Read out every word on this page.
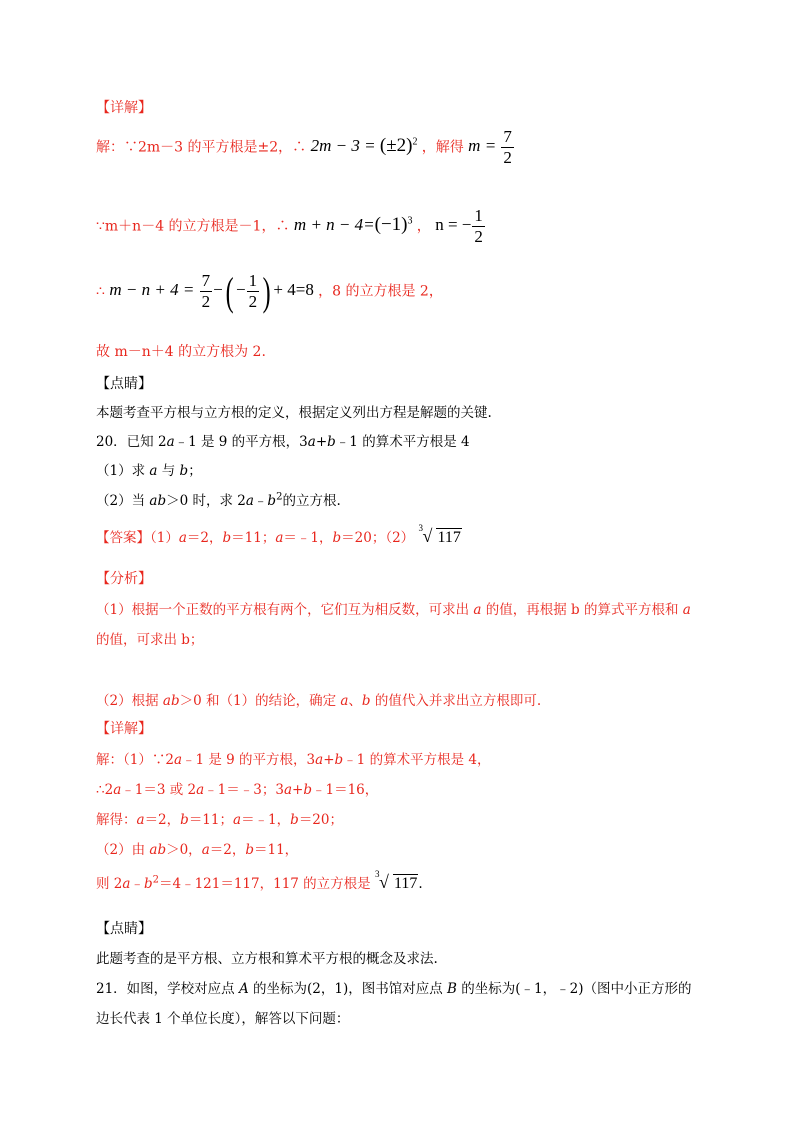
【详解】
解：∵2m－3 的平方根是±2，∴ $2m - 3 = (\pm 2)^2$ ，解得 $m = \frac{7}{2}$
∵m＋n－4 的立方根是－1，∴ $m + n - 4=(-1)^3$ ， n = − $\frac{1}{2}$
∴ $m - n + 4 = \frac{7}{2}$ −( − $\frac{1}{2}$ ) + 4=8 ，8 的立方根是 2，
故 m－n＋4 的立方根为 2.
【点睛】
本题考查平方根与立方根的定义，根据定义列出方程是解题的关键.
20．已知 2a﹣1 是 9 的平方根，3a+b﹣1 的算术平方根是 4
（1）求 a 与 b；
（2）当 ab＞0 时，求 $2a﹣b^2$的立方根.
【答案】（1）a＝2，b＝11；a＝﹣1，b＝20；（2）
3 √ 117
【分析】
（1）根据一个正数的平方根有两个，它们互为相反数，可求出 a 的值，再根据 b 的算式平方根和 a
的值，可求出 b；
（2）根据 ab＞0 和（1）的结论，确定 a、b 的值代入并求出立方根即可.
【详解】
解：（1）∵2a﹣1 是 9 的平方根，3a+b﹣1 的算术平方根是 4，
∴2a﹣1＝3 或 2a﹣1＝﹣3；3a+b﹣1＝16，
解得：a＝2，b＝11；a＝﹣1，b＝20；
（2）由 ab＞0，a＝2，b＝11，
则 $2a﹣b^2=4﹣121=117$，117 的立方根是
3 √ 117.
【点睛】
此题考查的是平方根、立方根和算术平方根的概念及求法.
21．如图，学校对应点 A 的坐标为(2，1)，图书馆对应点 B 的坐标为(﹣1，﹣2)（图中小正方形的
边长代表 1 个单位长度），解答以下问题：
